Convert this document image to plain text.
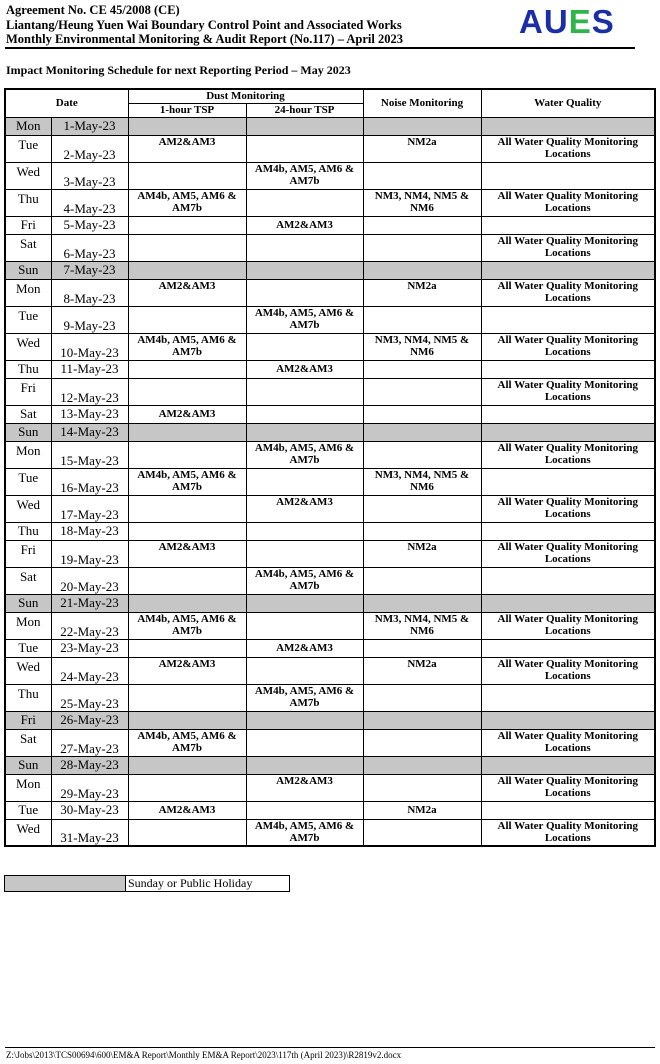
Agreement No. CE 45/2008 (CE)
Liantang/Heung Yuen Wai Boundary Control Point and Associated Works
Monthly Environmental Monitoring & Audit Report (No.117) – April 2023	AUES
Impact Monitoring Schedule for next Reporting Period – May 2023
Date		Dust Monitoring		Noise Monitoring	Water Quality
		1-hour TSP	24-hour TSP		
Mon	1-May-23				
Tue	2-May-23	AM2&AM3		NM2a	All Water Quality Monitoring Locations
Wed	3-May-23		AM4b, AM5, AM6 & AM7b		
Thu	4-May-23	AM4b, AM5, AM6 & AM7b		NM3, NM4, NM5 & NM6	All Water Quality Monitoring Locations
Fri	5-May-23		AM2&AM3		
Sat	6-May-23				All Water Quality Monitoring Locations
Sun	7-May-23				
Mon	8-May-23	AM2&AM3		NM2a	All Water Quality Monitoring Locations
Tue	9-May-23		AM4b, AM5, AM6 & AM7b		
Wed	10-May-23	AM4b, AM5, AM6 & AM7b		NM3, NM4, NM5 & NM6	All Water Quality Monitoring Locations
Thu	11-May-23		AM2&AM3		
Fri	12-May-23				All Water Quality Monitoring Locations
Sat	13-May-23	AM2&AM3			
Sun	14-May-23				
Mon	15-May-23		AM4b, AM5, AM6 & AM7b		All Water Quality Monitoring Locations
Tue	16-May-23	AM4b, AM5, AM6 & AM7b		NM3, NM4, NM5 & NM6	
Wed	17-May-23		AM2&AM3		All Water Quality Monitoring Locations
Thu	18-May-23				
Fri	19-May-23	AM2&AM3		NM2a	All Water Quality Monitoring Locations
Sat	20-May-23		AM4b, AM5, AM6 & AM7b		
Sun	21-May-23				
Mon	22-May-23	AM4b, AM5, AM6 & AM7b		NM3, NM4, NM5 & NM6	All Water Quality Monitoring Locations
Tue	23-May-23		AM2&AM3		
Wed	24-May-23	AM2&AM3		NM2a	All Water Quality Monitoring Locations
Thu	25-May-23		AM4b, AM5, AM6 & AM7b		
Fri	26-May-23				
Sat	27-May-23	AM4b, AM5, AM6 & AM7b			All Water Quality Monitoring Locations
Sun	28-May-23				
Mon	29-May-23		AM2&AM3		All Water Quality Monitoring Locations
Tue	30-May-23	AM2&AM3		NM2a	
Wed	31-May-23		AM4b, AM5, AM6 & AM7b		All Water Quality Monitoring Locations
Sunday or Public Holiday
Z:\Jobs\2013\TCS00694\600\EM&A Report\Monthly EM&A Report\2023\117th (April 2023)\R2819v2.docx
